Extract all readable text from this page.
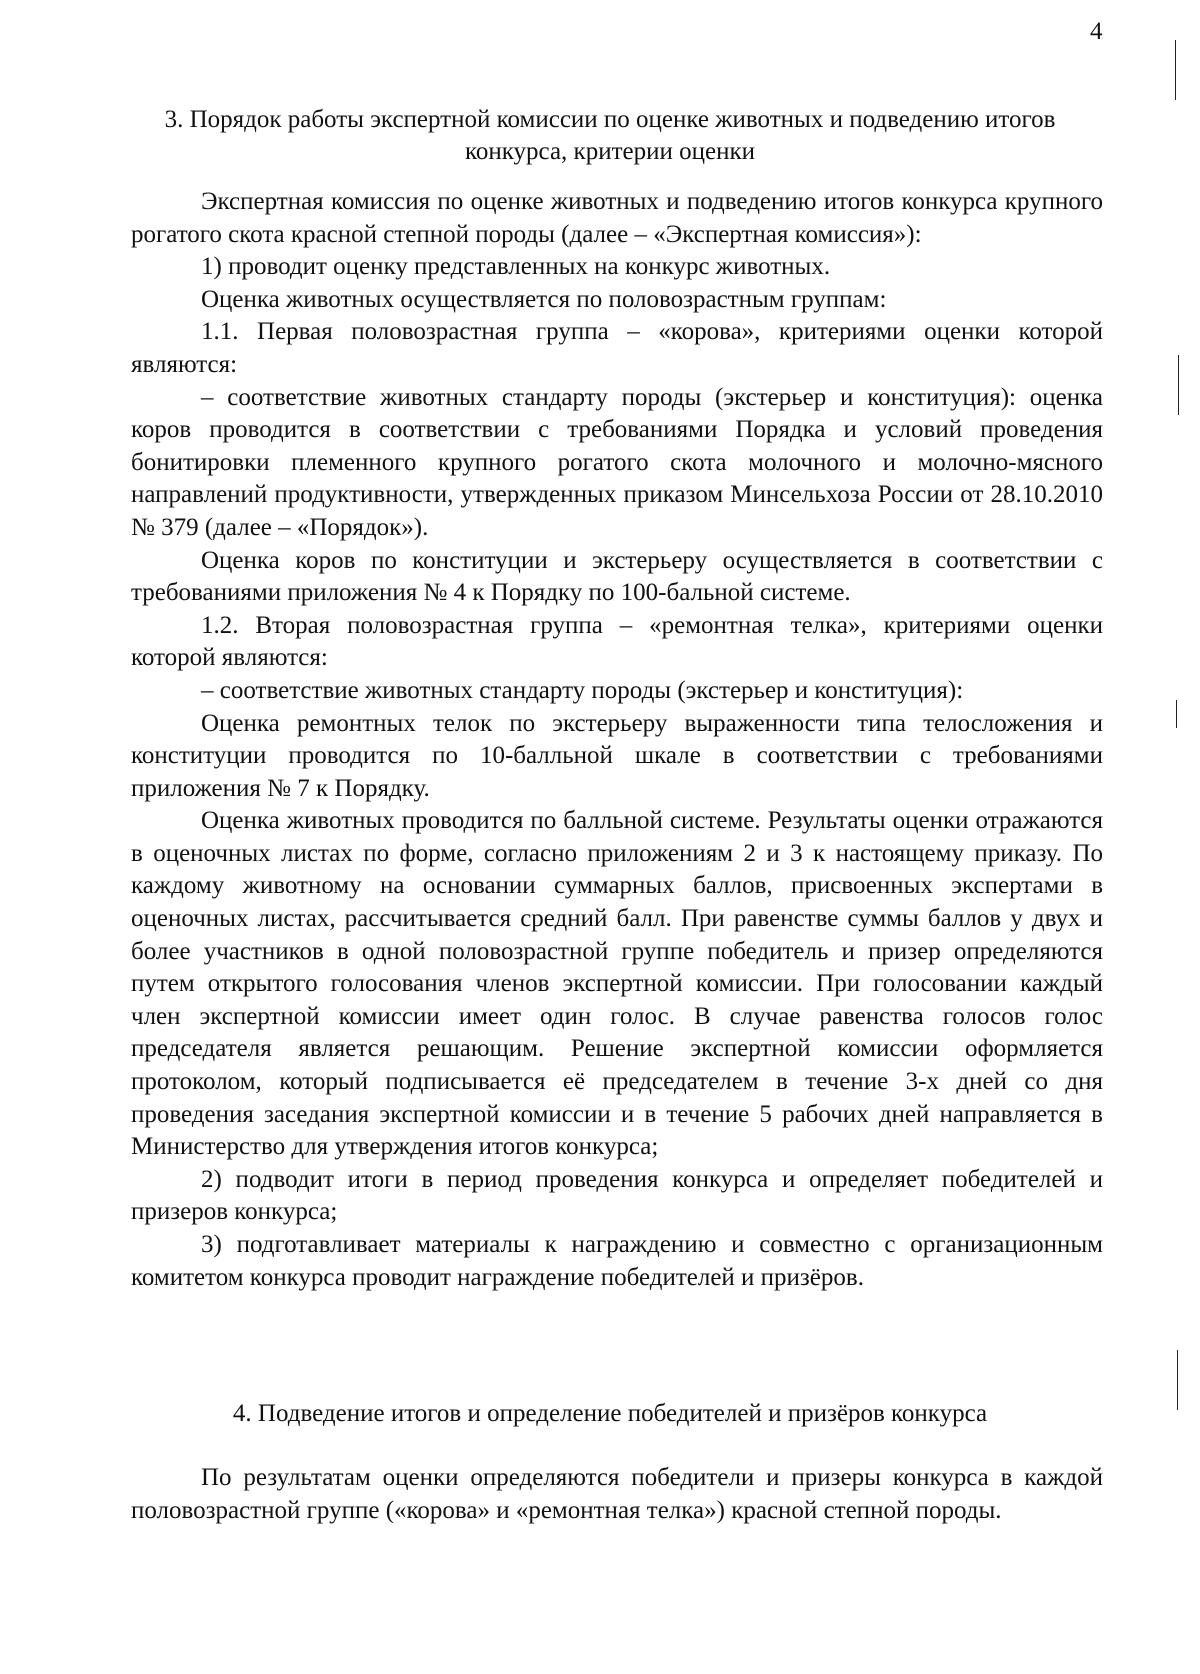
4
3. Порядок работы экспертной комиссии по оценке животных и подведению итогов конкурса, критерии оценки

Экспертная комиссия по оценке животных и подведению итогов конкурса крупного рогатого скота красной степной породы (далее – «Экспертная комиссия»):

1) проводит оценку представленных на конкурс животных.

Оценка животных осуществляется по половозрастным группам:

1.1. Первая половозрастная группа – «корова», критериями оценки которой являются:

– соответствие животных стандарту породы (экстерьер и конституция): оценка коров проводится в соответствии с требованиями Порядка и условий проведения бонитировки племенного крупного рогатого скота молочного и молочно-мясного направлений продуктивности, утвержденных приказом Минсельхоза России от 28.10.2010 № 379 (далее – «Порядок»).

Оценка коров по конституции и экстерьеру осуществляется в соответствии с требованиями приложения № 4 к Порядку по 100-бальной системе.

1.2. Вторая половозрастная группа – «ремонтная телка», критериями оценки которой являются:

– соответствие животных стандарту породы (экстерьер и конституция):

Оценка ремонтных телок по экстерьеру выраженности типа телосложения и конституции проводится по 10-балльной шкале в соответствии с требованиями приложения № 7 к Порядку.

Оценка животных проводится по балльной системе. Результаты оценки отражаются в оценочных листах по форме, согласно приложениям 2 и 3 к настоящему приказу. По каждому животному на основании суммарных баллов, присвоенных экспертами в оценочных листах, рассчитывается средний балл. При равенстве суммы баллов у двух и более участников в одной половозрастной группе победитель и призер определяются путем открытого голосования членов экспертной комиссии. При голосовании каждый член экспертной комиссии имеет один голос. В случае равенства голосов голос председателя является решающим. Решение экспертной комиссии оформляется протоколом, который подписывается её председателем в течение 3-х дней со дня проведения заседания экспертной комиссии и в течение 5 рабочих дней направляется в Министерство для утверждения итогов конкурса;

2) подводит итоги в период проведения конкурса и определяет победителей и призеров конкурса;

3) подготавливает материалы к награждению и совместно с организационным комитетом конкурса проводит награждение победителей и призёров.

4. Подведение итогов и определение победителей и призёров конкурса

По результатам оценки определяются победители и призеры конкурса в каждой половозрастной группе («корова» и «ремонтная телка») красной степной породы.
